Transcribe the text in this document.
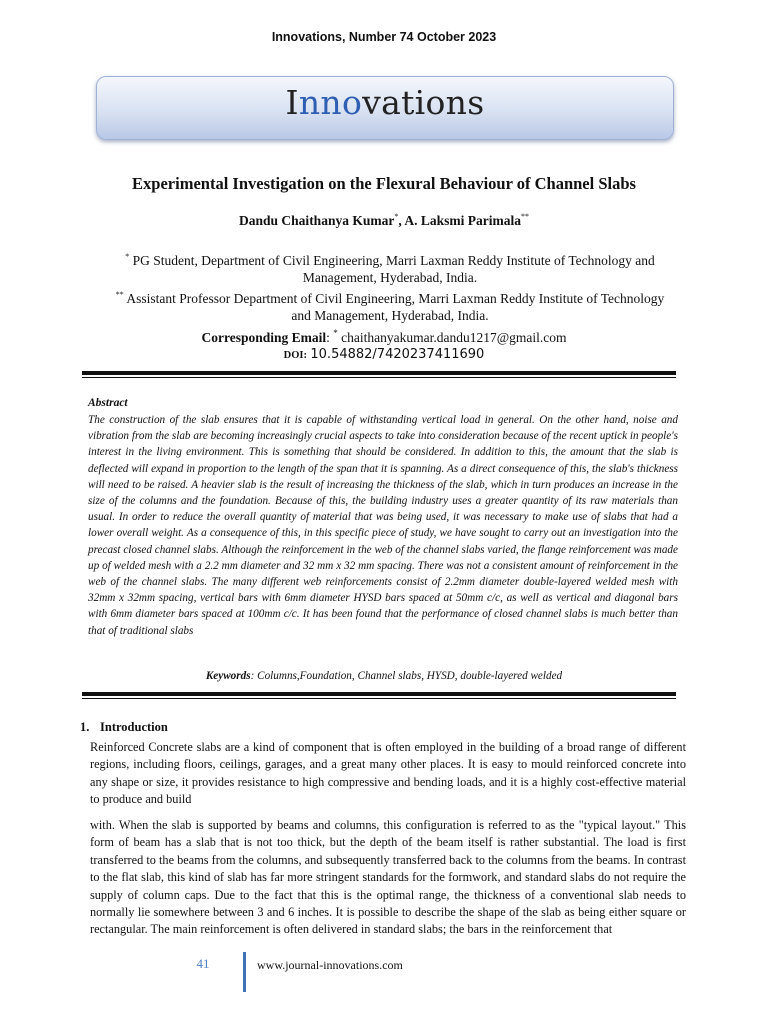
Innovations, Number 74 October 2023
Innovations
Experimental Investigation on the Flexural Behaviour of Channel Slabs
Dandu Chaithanya Kumar*, A. Laksmi Parimala**
* PG Student, Department of Civil Engineering, Marri Laxman Reddy Institute of Technology and Management, Hyderabad, India.
** Assistant Professor Department of Civil Engineering, Marri Laxman Reddy Institute of Technology and Management, Hyderabad, India.
Corresponding Email: * chaithanyakumar.dandu1217@gmail.com
DOI: 10.54882/7420237411690
Abstract
The construction of the slab ensures that it is capable of withstanding vertical load in general. On the other hand, noise and vibration from the slab are becoming increasingly crucial aspects to take into consideration because of the recent uptick in people's interest in the living environment. This is something that should be considered. In addition to this, the amount that the slab is deflected will expand in proportion to the length of the span that it is spanning. As a direct consequence of this, the slab's thickness will need to be raised. A heavier slab is the result of increasing the thickness of the slab, which in turn produces an increase in the size of the columns and the foundation. Because of this, the building industry uses a greater quantity of its raw materials than usual. In order to reduce the overall quantity of material that was being used, it was necessary to make use of slabs that had a lower overall weight. As a consequence of this, in this specific piece of study, we have sought to carry out an investigation into the precast closed channel slabs. Although the reinforcement in the web of the channel slabs varied, the flange reinforcement was made up of welded mesh with a 2.2 mm diameter and 32 mm x 32 mm spacing. There was not a consistent amount of reinforcement in the web of the channel slabs. The many different web reinforcements consist of 2.2mm diameter double-layered welded mesh with 32mm x 32mm spacing, vertical bars with 6mm diameter HYSD bars spaced at 50mm c/c, as well as vertical and diagonal bars with 6mm diameter bars spaced at 100mm c/c. It has been found that the performance of closed channel slabs is much better than that of traditional slabs
Keywords: Columns,Foundation, Channel slabs, HYSD, double-layered welded
1. Introduction
Reinforced Concrete slabs are a kind of component that is often employed in the building of a broad range of different regions, including floors, ceilings, garages, and a great many other places. It is easy to mould reinforced concrete into any shape or size, it provides resistance to high compressive and bending loads, and it is a highly cost-effective material to produce and build
with. When the slab is supported by beams and columns, this configuration is referred to as the "typical layout." This form of beam has a slab that is not too thick, but the depth of the beam itself is rather substantial. The load is first transferred to the beams from the columns, and subsequently transferred back to the columns from the beams. In contrast to the flat slab, this kind of slab has far more stringent standards for the formwork, and standard slabs do not require the supply of column caps. Due to the fact that this is the optimal range, the thickness of a conventional slab needs to normally lie somewhere between 3 and 6 inches. It is possible to describe the shape of the slab as being either square or rectangular. The main reinforcement is often delivered in standard slabs; the bars in the reinforcement that
41	www.journal-innovations.com
